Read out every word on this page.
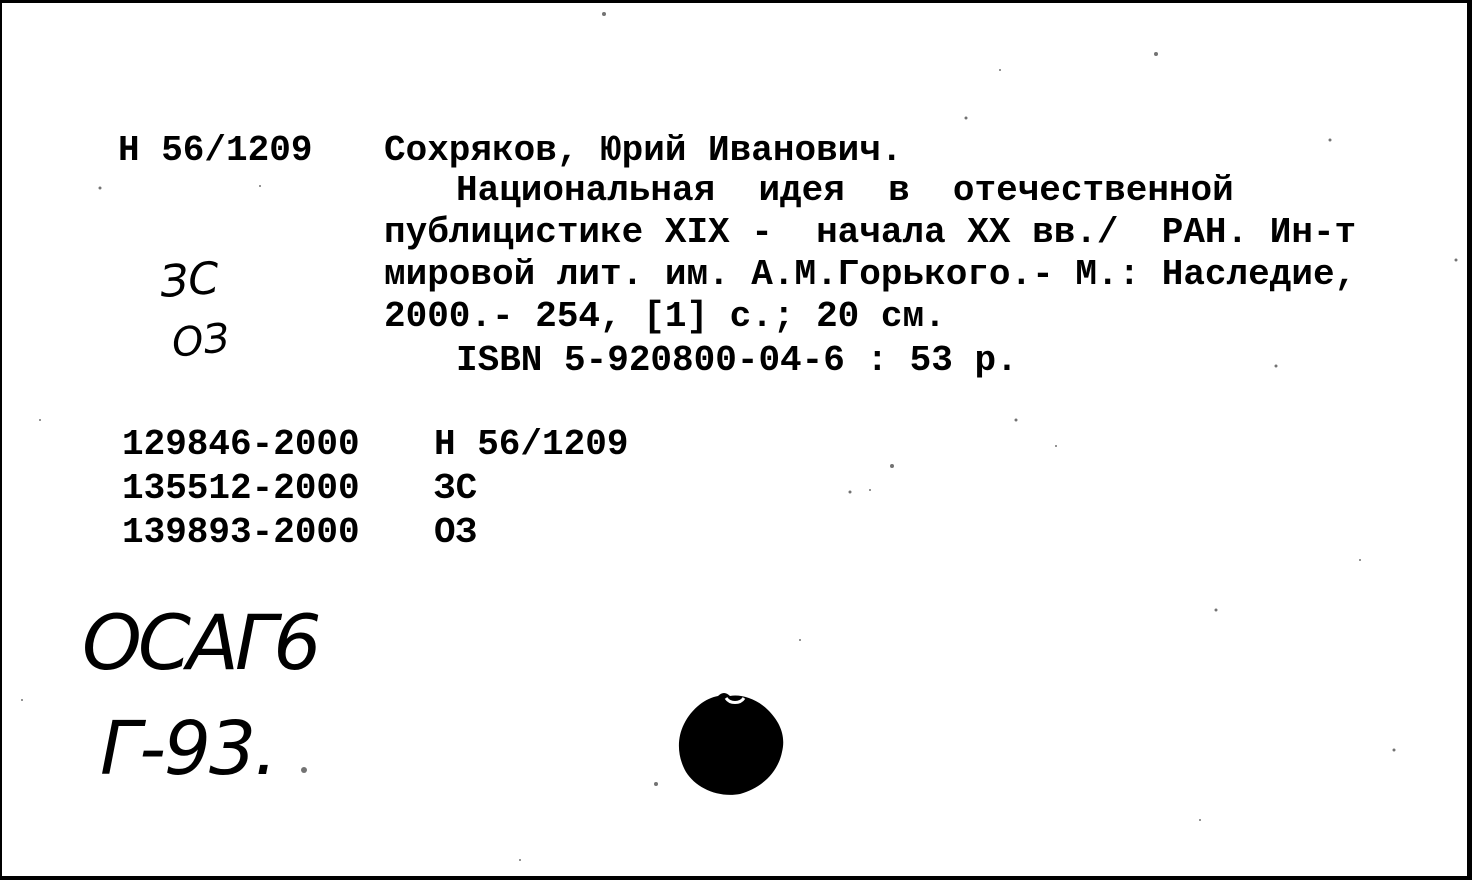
Н 56/1209 Сохряков, Юрий Иванович.
Национальная  идея  в  отечественной
публицистике XIX -  начала XX вв./  РАН. Ин-т
мировой лит. им. А.М.Горького.- М.: Наследие,
2000.- 254, [1] с.; 20 см.
ISBN 5-920800-04-6 : 53 р.
129846-2000 Н 56/1209
135512-2000 ЗС
139893-2000 ОЗ
ЗС
ОЗ
ОСАГ6
Г-93.
